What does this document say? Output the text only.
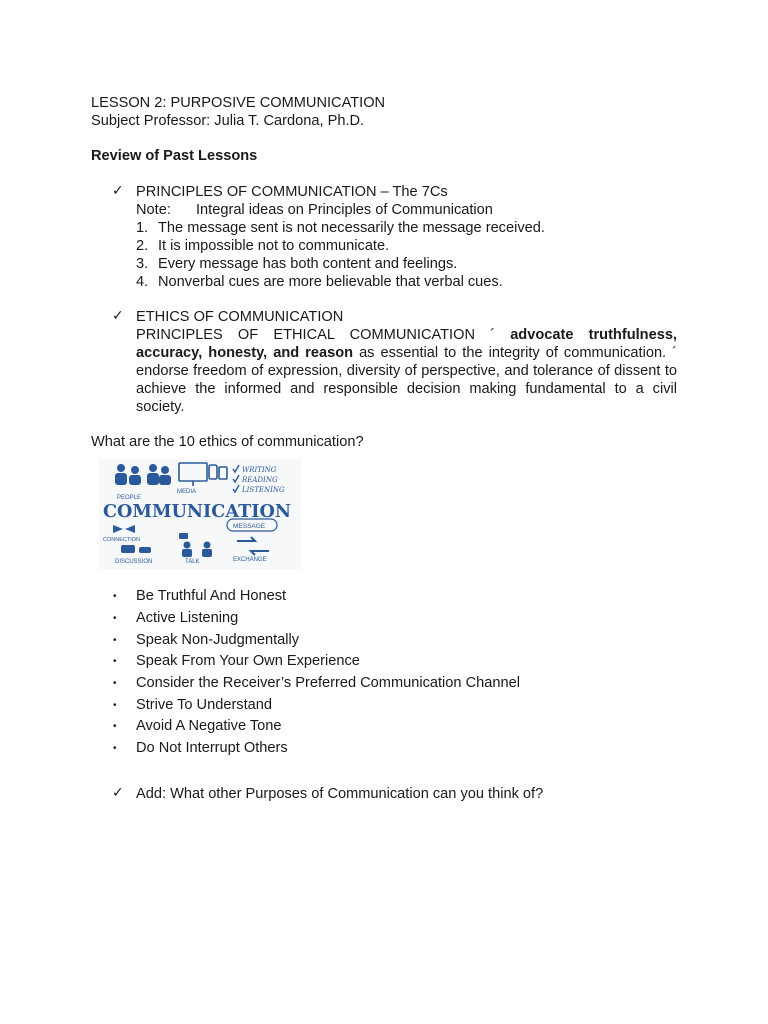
LESSON 2: PURPOSIVE COMMUNICATION
Subject Professor: Julia T. Cardona, Ph.D.
Review of Past Lessons
✓ PRINCIPLES OF COMMUNICATION – The 7Cs
Note: Integral ideas on Principles of Communication
1. The message sent is not necessarily the message received.
2. It is impossible not to communicate.
3. Every message has both content and feelings.
4. Nonverbal cues are more believable that verbal cues.
✓ ETHICS OF COMMUNICATION
PRINCIPLES OF ETHICAL COMMUNICATION ´ advocate truthfulness, accuracy, honesty, and reason as essential to the integrity of communication. ´ endorse freedom of expression, diversity of perspective, and tolerance of dissent to achieve the informed and responsible decision making fundamental to a civil society.
What are the 10 ethics of communication?
PEOPLE
MEDIA
WRITING
READING
LISTENING
COMMUNICATION
MESSAGE
CONNECTION
DISCUSSION	TALK	EXCHANGE
• Be Truthful And Honest
• Active Listening
• Speak Non-Judgmentally
• Speak From Your Own Experience
• Consider the Receiver’s Preferred Communication Channel
• Strive To Understand
• Avoid A Negative Tone
• Do Not Interrupt Others
✓ Add: What other Purposes of Communication can you think of?
